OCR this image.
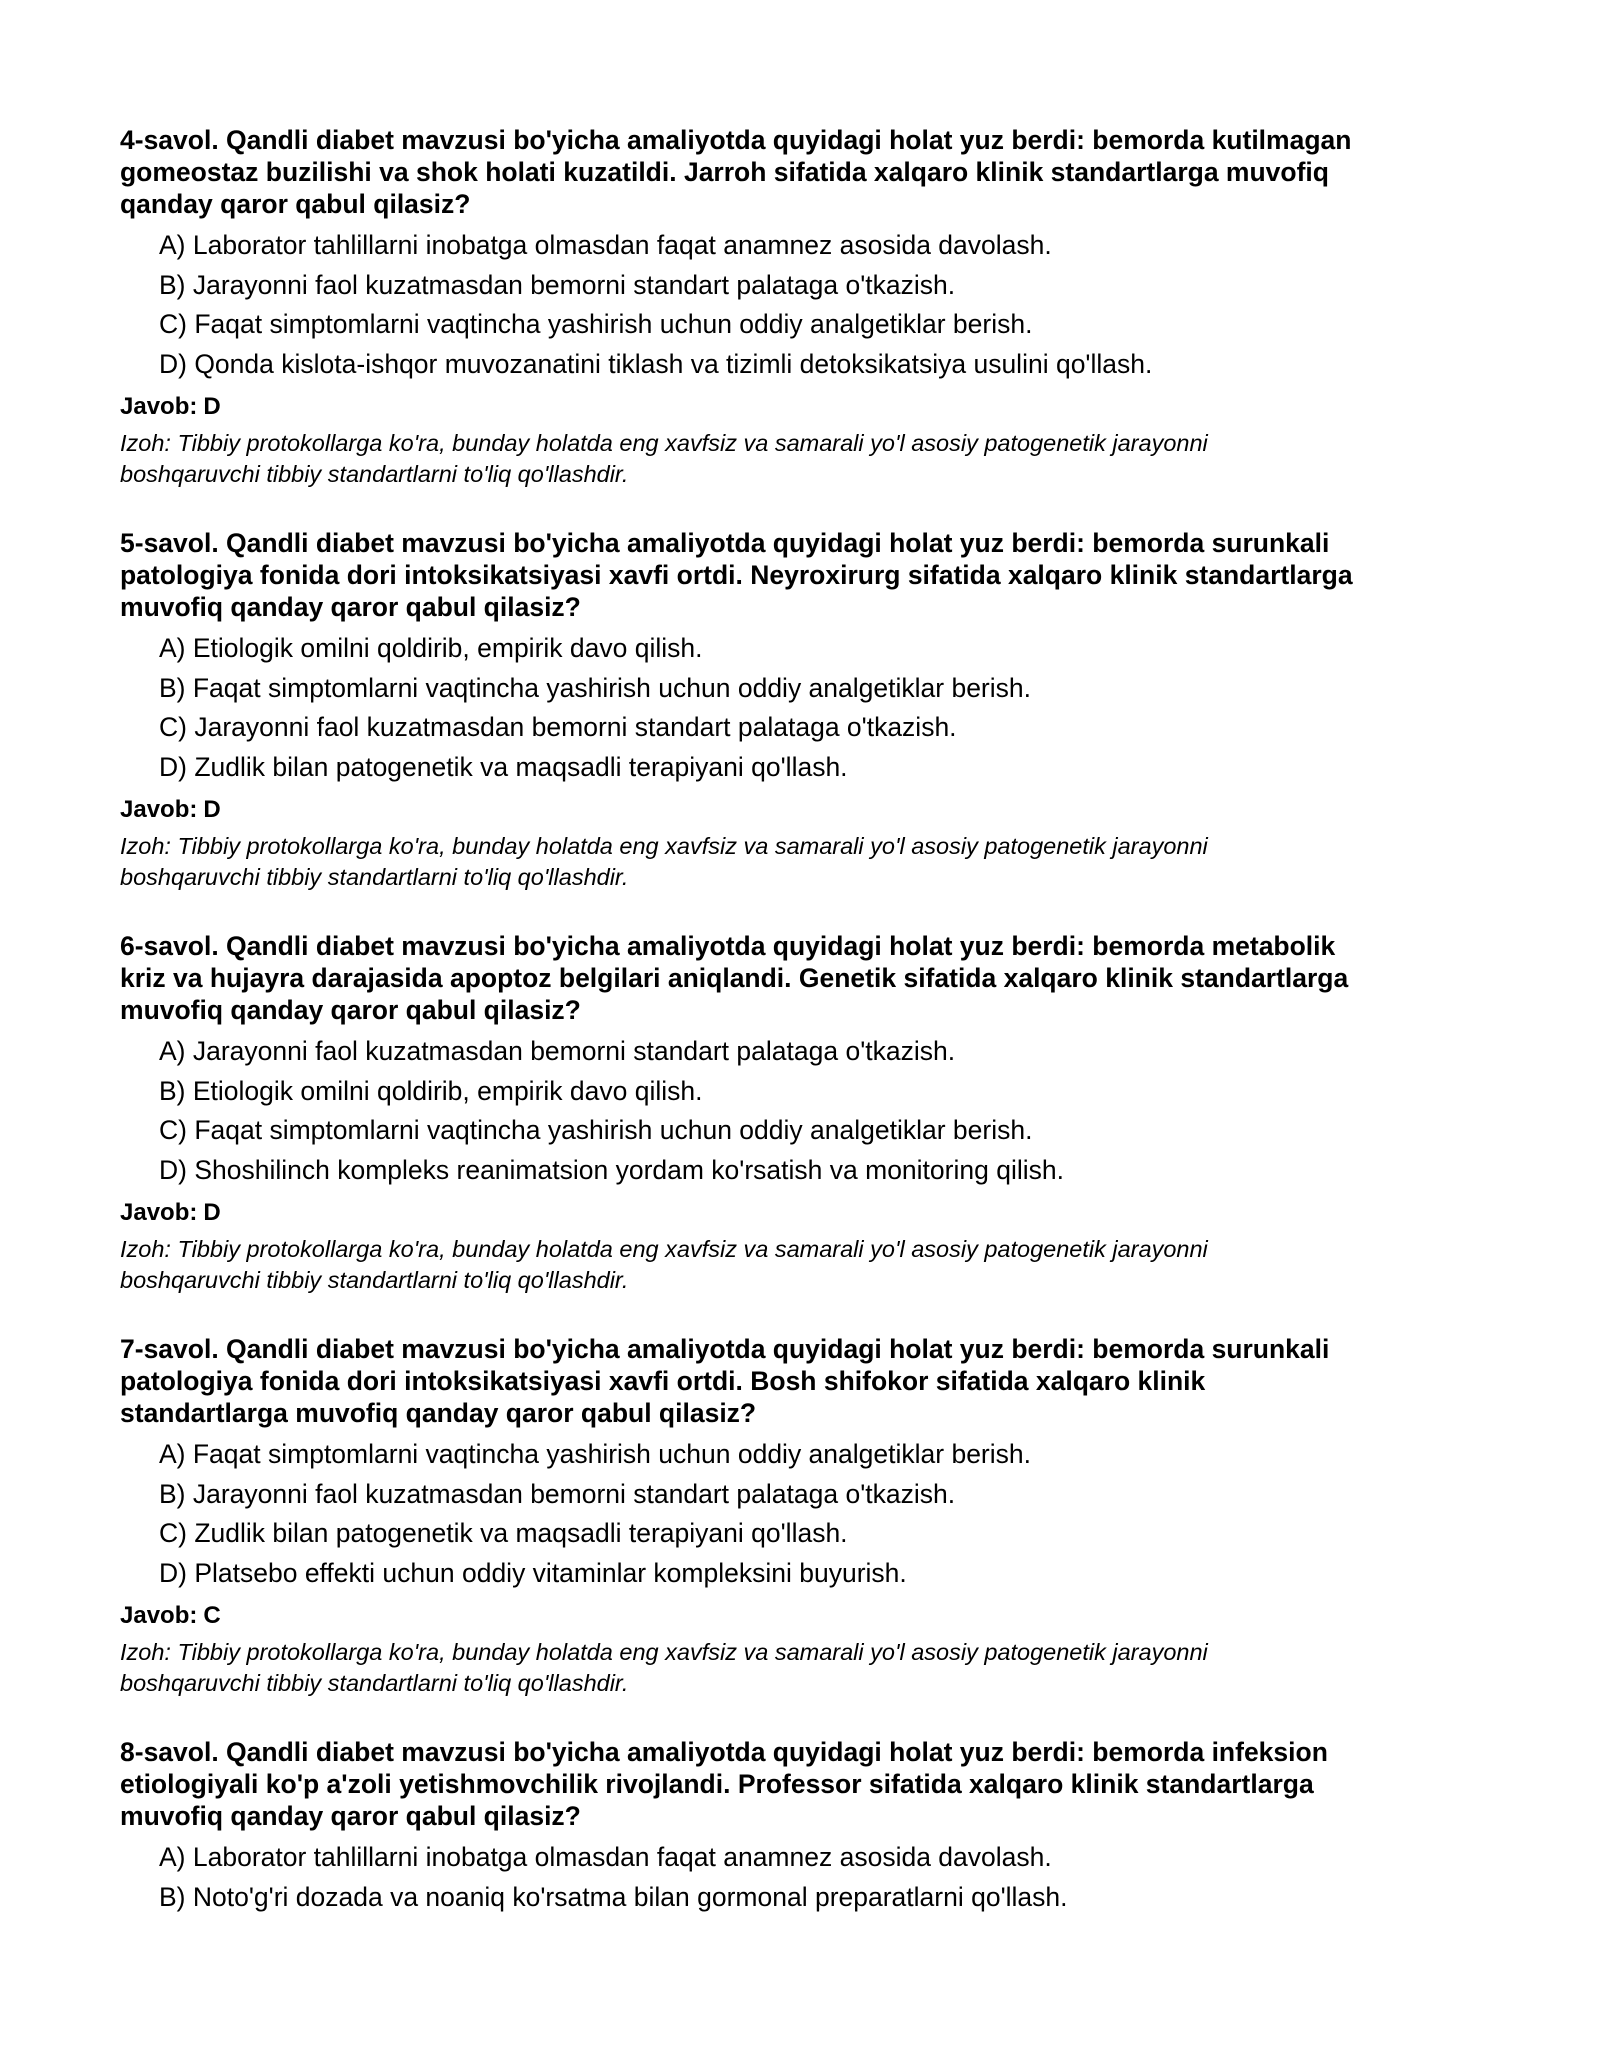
4-savol. Qandli diabet mavzusi bo'yicha amaliyotda quyidagi holat yuz berdi: bemorda kutilmagan
gomeostaz buzilishi va shok holati kuzatildi. Jarroh sifatida xalqaro klinik standartlarga muvofiq
qanday qaror qabul qilasiz?
A) Laborator tahlillarni inobatga olmasdan faqat anamnez asosida davolash.
B) Jarayonni faol kuzatmasdan bemorni standart palataga o'tkazish.
C) Faqat simptomlarni vaqtincha yashirish uchun oddiy analgetiklar berish.
D) Qonda kislota-ishqor muvozanatini tiklash va tizimli detoksikatsiya usulini qo'llash.
Javob: D
Izoh: Tibbiy protokollarga ko'ra, bunday holatda eng xavfsiz va samarali yo'l asosiy patogenetik jarayonni
boshqaruvchi tibbiy standartlarni to'liq qo'llashdir.
5-savol. Qandli diabet mavzusi bo'yicha amaliyotda quyidagi holat yuz berdi: bemorda surunkali
patologiya fonida dori intoksikatsiyasi xavfi ortdi. Neyroxirurg sifatida xalqaro klinik standartlarga
muvofiq qanday qaror qabul qilasiz?
A) Etiologik omilni qoldirib, empirik davo qilish.
B) Faqat simptomlarni vaqtincha yashirish uchun oddiy analgetiklar berish.
C) Jarayonni faol kuzatmasdan bemorni standart palataga o'tkazish.
D) Zudlik bilan patogenetik va maqsadli terapiyani qo'llash.
Javob: D
Izoh: Tibbiy protokollarga ko'ra, bunday holatda eng xavfsiz va samarali yo'l asosiy patogenetik jarayonni
boshqaruvchi tibbiy standartlarni to'liq qo'llashdir.
6-savol. Qandli diabet mavzusi bo'yicha amaliyotda quyidagi holat yuz berdi: bemorda metabolik
kriz va hujayra darajasida apoptoz belgilari aniqlandi. Genetik sifatida xalqaro klinik standartlarga
muvofiq qanday qaror qabul qilasiz?
A) Jarayonni faol kuzatmasdan bemorni standart palataga o'tkazish.
B) Etiologik omilni qoldirib, empirik davo qilish.
C) Faqat simptomlarni vaqtincha yashirish uchun oddiy analgetiklar berish.
D) Shoshilinch kompleks reanimatsion yordam ko'rsatish va monitoring qilish.
Javob: D
Izoh: Tibbiy protokollarga ko'ra, bunday holatda eng xavfsiz va samarali yo'l asosiy patogenetik jarayonni
boshqaruvchi tibbiy standartlarni to'liq qo'llashdir.
7-savol. Qandli diabet mavzusi bo'yicha amaliyotda quyidagi holat yuz berdi: bemorda surunkali
patologiya fonida dori intoksikatsiyasi xavfi ortdi. Bosh shifokor sifatida xalqaro klinik
standartlarga muvofiq qanday qaror qabul qilasiz?
A) Faqat simptomlarni vaqtincha yashirish uchun oddiy analgetiklar berish.
B) Jarayonni faol kuzatmasdan bemorni standart palataga o'tkazish.
C) Zudlik bilan patogenetik va maqsadli terapiyani qo'llash.
D) Platsebo effekti uchun oddiy vitaminlar kompleksini buyurish.
Javob: C
Izoh: Tibbiy protokollarga ko'ra, bunday holatda eng xavfsiz va samarali yo'l asosiy patogenetik jarayonni
boshqaruvchi tibbiy standartlarni to'liq qo'llashdir.
8-savol. Qandli diabet mavzusi bo'yicha amaliyotda quyidagi holat yuz berdi: bemorda infeksion
etiologiyali ko'p a'zoli yetishmovchilik rivojlandi. Professor sifatida xalqaro klinik standartlarga
muvofiq qanday qaror qabul qilasiz?
A) Laborator tahlillarni inobatga olmasdan faqat anamnez asosida davolash.
B) Noto'g'ri dozada va noaniq ko'rsatma bilan gormonal preparatlarni qo'llash.
